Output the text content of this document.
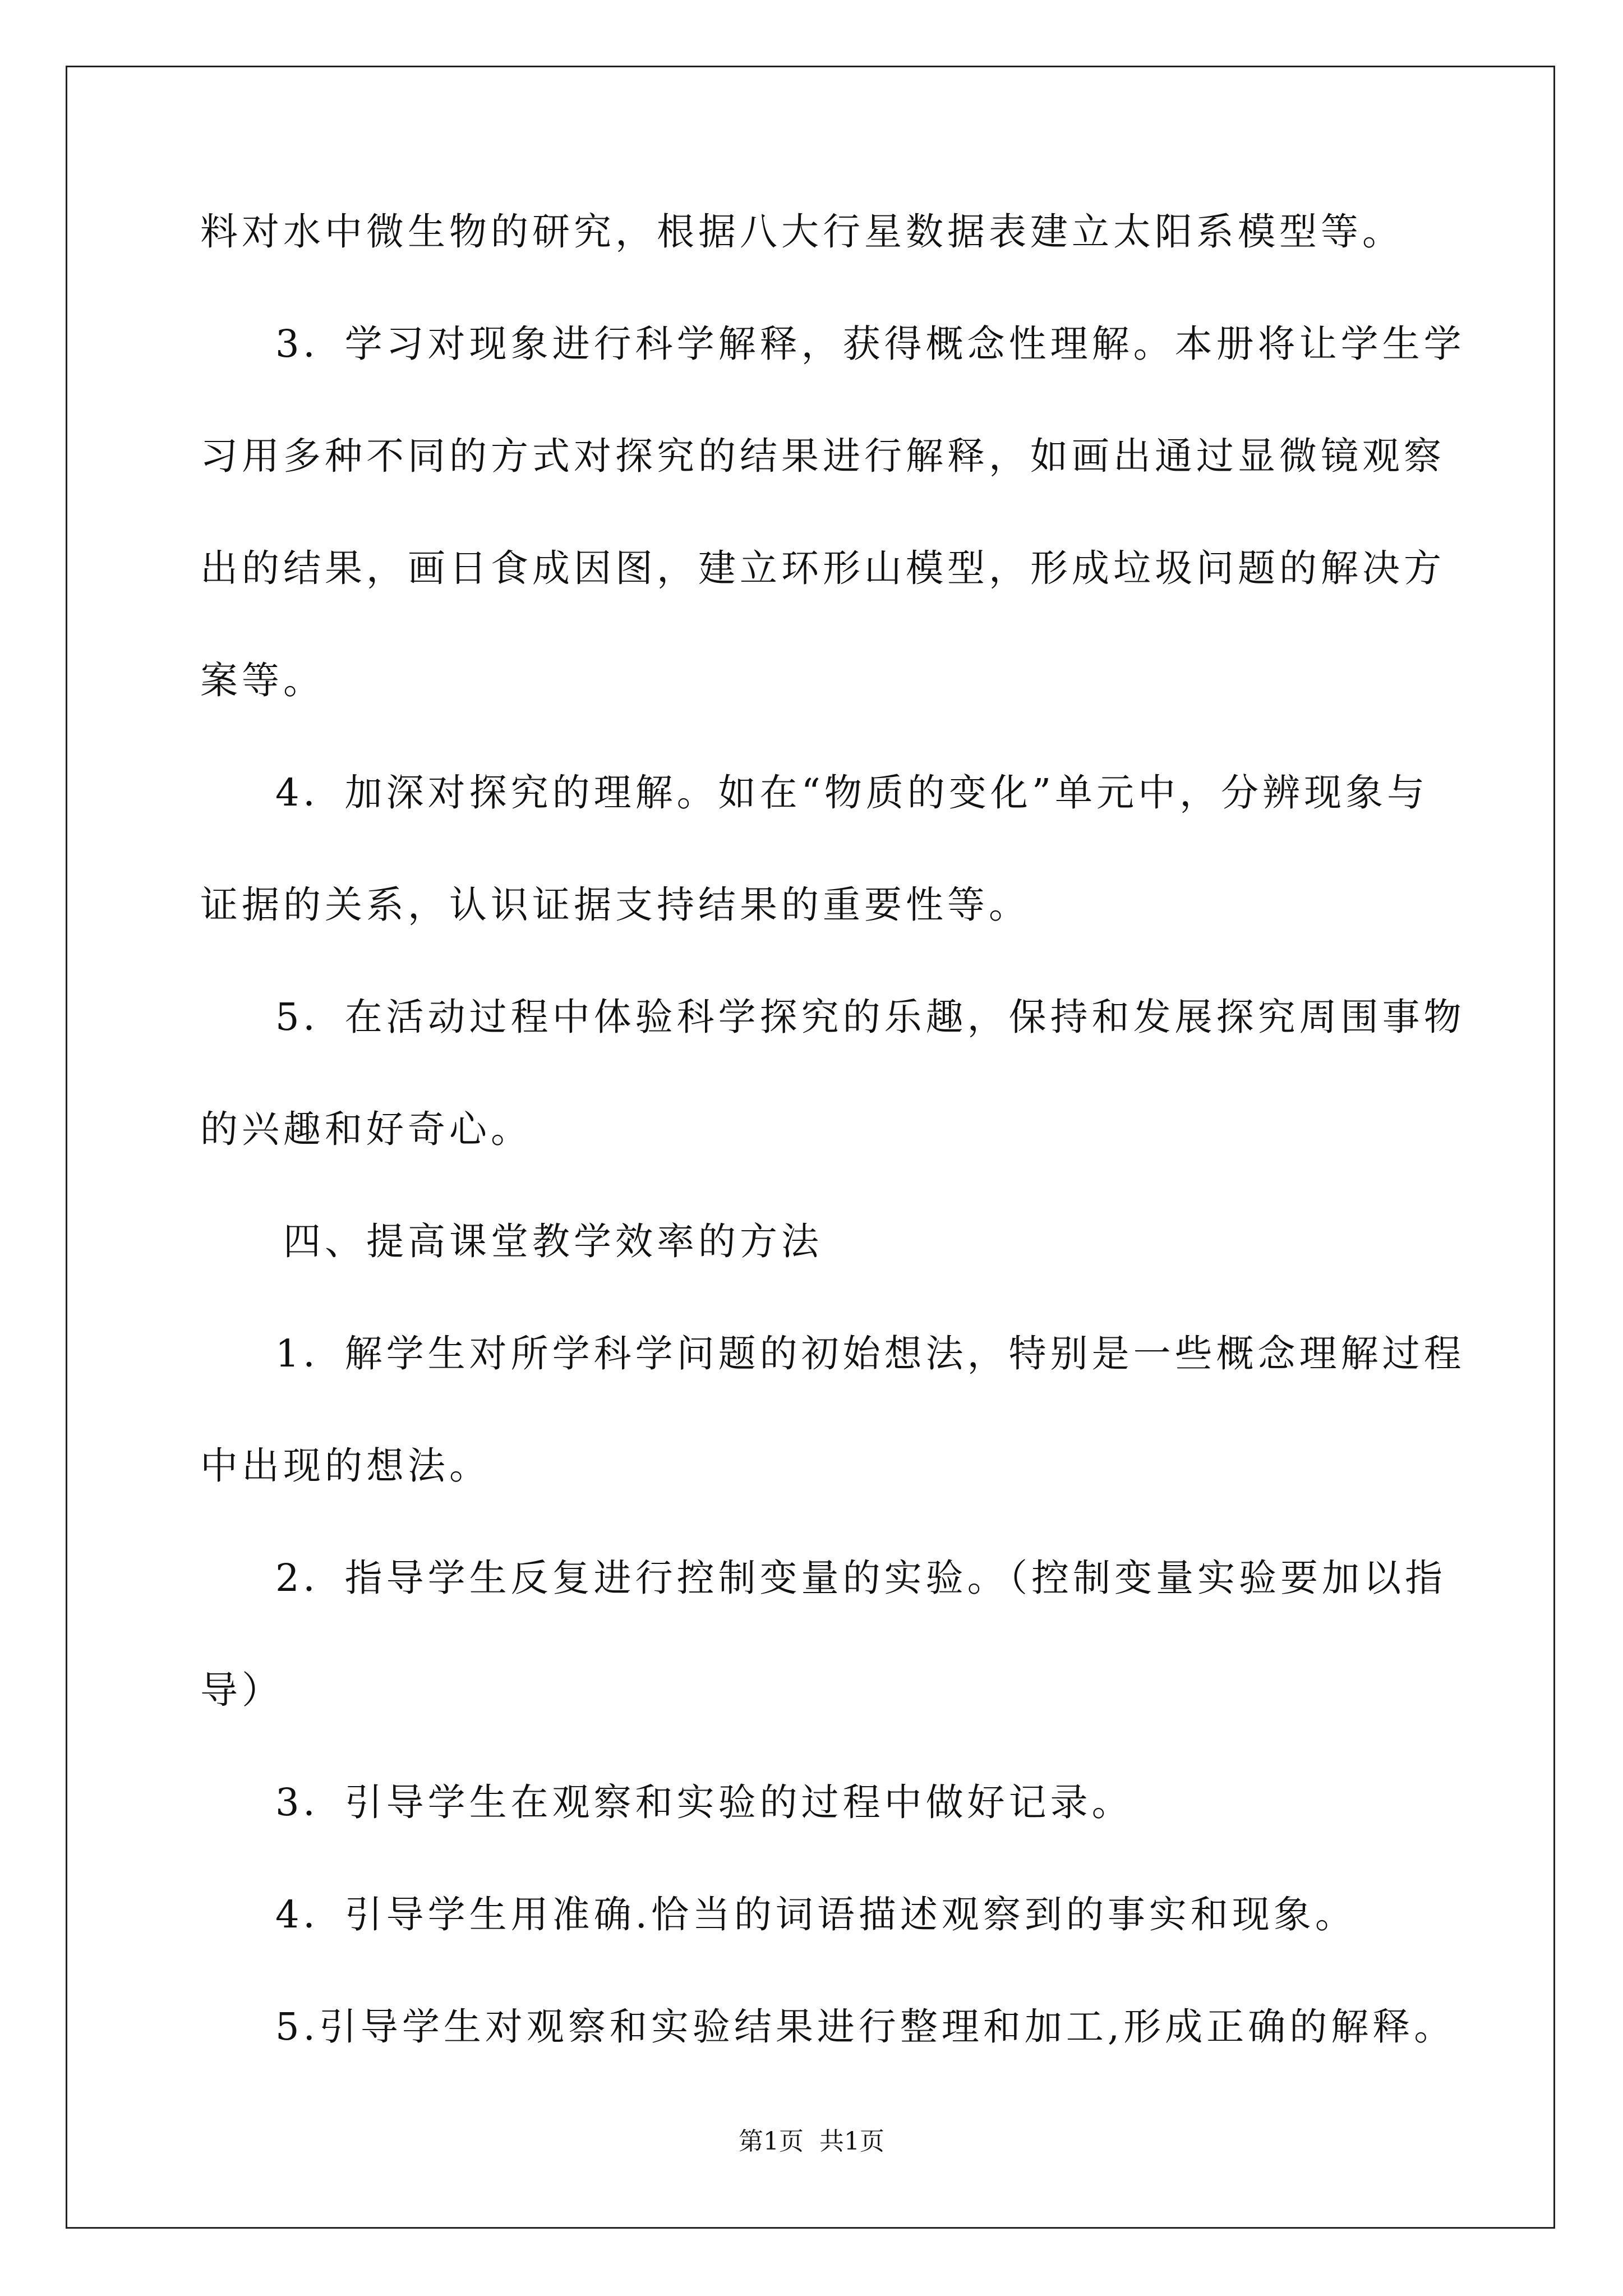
料对水中微生物的研究，根据八大行星数据表建立太阳系模型等。
3．学习对现象进行科学解释，获得概念性理解。本册将让学生学
习用多种不同的方式对探究的结果进行解释，如画出通过显微镜观察
出的结果，画日食成因图，建立环形山模型，形成垃圾问题的解决方
案等。
4．加深对探究的理解。如在“物质的变化”单元中，分辨现象与
证据的关系，认识证据支持结果的重要性等。
5．在活动过程中体验科学探究的乐趣，保持和发展探究周围事物
的兴趣和好奇心。
四、提高课堂教学效率的方法
1．解学生对所学科学问题的初始想法，特别是一些概念理解过程
中出现的想法。
2．指导学生反复进行控制变量的实验。（控制变量实验要加以指
导）
3．引导学生在观察和实验的过程中做好记录。
4．引导学生用准确.恰当的词语描述观察到的事实和现象。
5.引导学生对观察和实验结果进行整理和加工,形成正确的解释。
第1页 共1页
